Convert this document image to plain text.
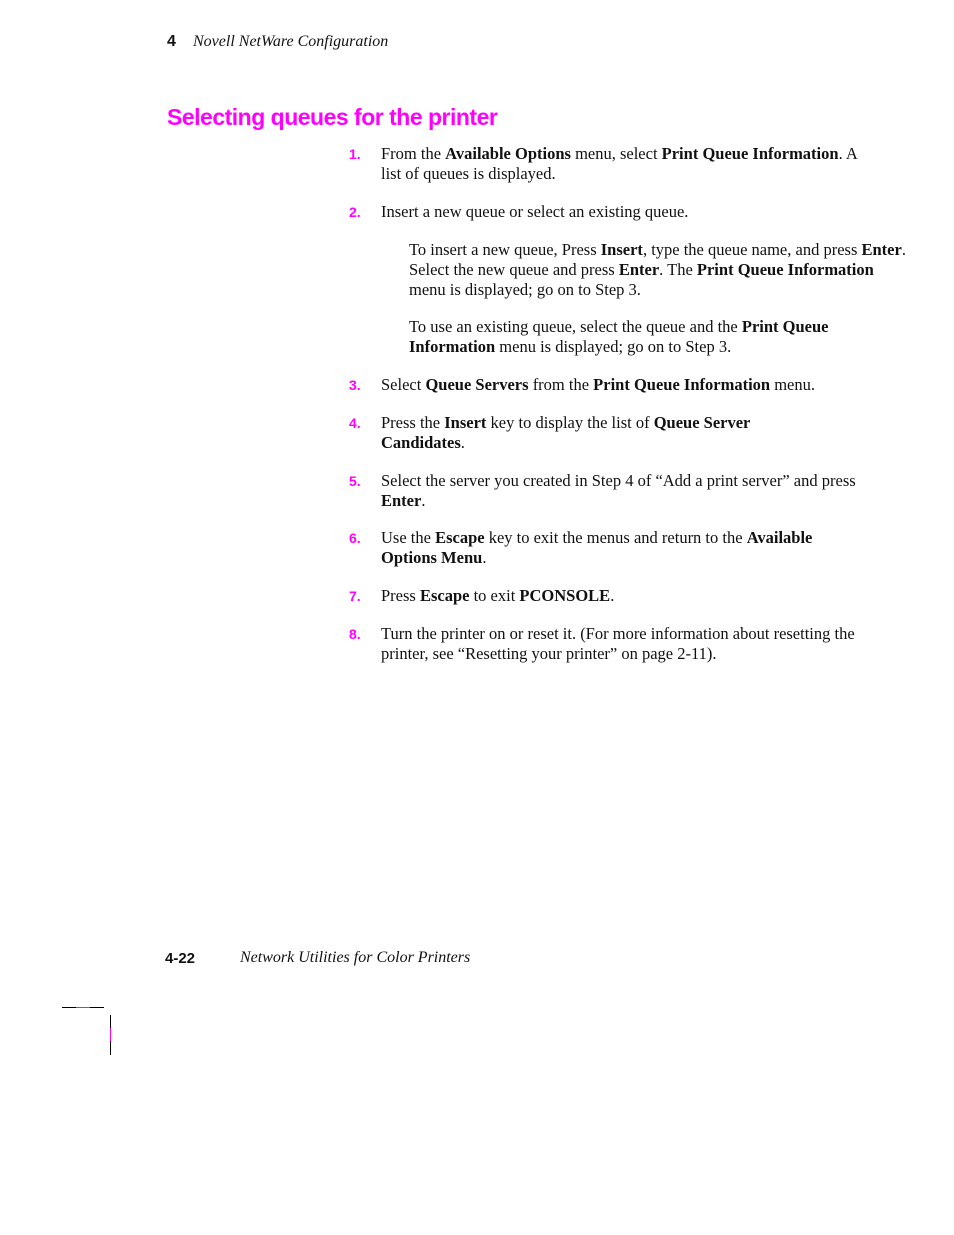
4 Novell NetWare Configuration
Selecting queues for the printer
1. From the Available Options menu, select Print Queue Information. A list of queues is displayed.

2. Insert a new queue or select an existing queue.

To insert a new queue, Press Insert, type the queue name, and press Enter. Select the new queue and press Enter. The Print Queue Information menu is displayed; go on to Step 3.

To use an existing queue, select the queue and the Print Queue Information menu is displayed; go on to Step 3.

3. Select Queue Servers from the Print Queue Information menu.

4. Press the Insert key to display the list of Queue Server Candidates.

5. Select the server you created in Step 4 of “Add a print server” and press Enter.

6. Use the Escape key to exit the menus and return to the Available Options Menu.

7. Press Escape to exit PCONSOLE.

8. Turn the printer on or reset it. (For more information about resetting the printer, see “Resetting your printer” on page 2-11).

4-22	Network Utilities for Color Printers
